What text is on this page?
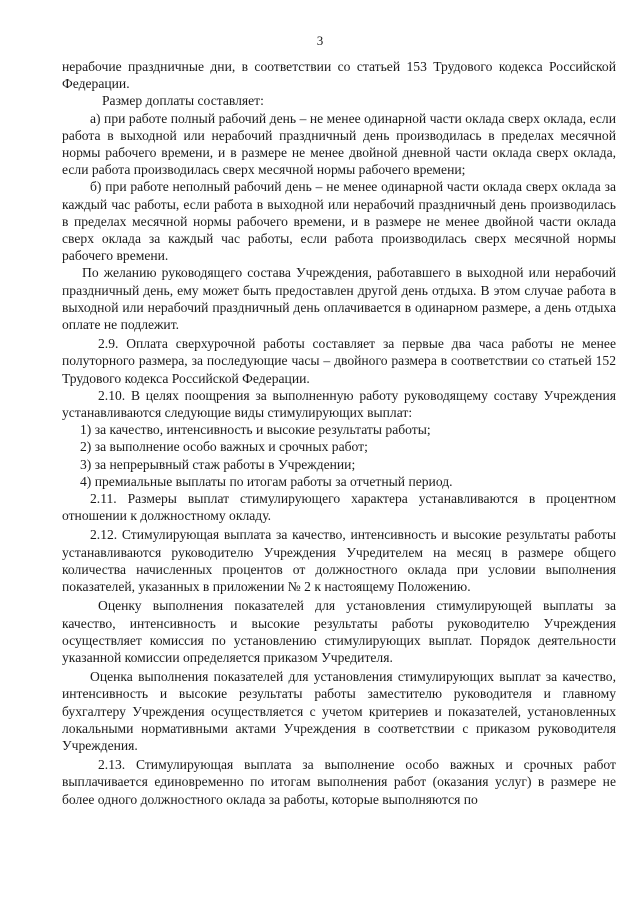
3

нерабочие праздничные дни, в соответствии со статьей 153 Трудового кодекса Российской Федерации.

Размер доплаты составляет:

а) при работе полный рабочий день – не менее одинарной части оклада сверх оклада, если работа в выходной или нерабочий праздничный день производилась в пределах месячной нормы рабочего времени, и в размере не менее двойной дневной части оклада сверх оклада, если работа производилась сверх месячной нормы рабочего времени;

б) при работе неполный рабочий день – не менее одинарной части оклада сверх оклада за каждый час работы, если работа в выходной или нерабочий праздничный день производилась в пределах месячной нормы рабочего времени, и в размере не менее двойной части оклада сверх оклада за каждый час работы, если работа производилась сверх месячной нормы рабочего времени.

По желанию руководящего состава Учреждения, работавшего в выходной или нерабочий праздничный день, ему может быть предоставлен другой день отдыха. В этом случае работа в выходной или нерабочий праздничный день оплачивается в одинарном размере, а день отдыха оплате не подлежит.

2.9. Оплата сверхурочной работы составляет за первые два часа работы не менее полуторного размера, за последующие часы – двойного размера в соответствии со статьей 152 Трудового кодекса Российской Федерации.

2.10. В целях поощрения за выполненную работу руководящему составу Учреждения устанавливаются следующие виды стимулирующих выплат:

1) за качество, интенсивность и высокие результаты работы;

2) за выполнение особо важных и срочных работ;

3) за непрерывный стаж работы в Учреждении;

4) премиальные выплаты по итогам работы за отчетный период.

2.11. Размеры выплат стимулирующего характера устанавливаются в процентном отношении к должностному окладу.

2.12. Стимулирующая выплата за качество, интенсивность и высокие результаты работы устанавливаются руководителю Учреждения Учредителем на месяц в размере общего количества начисленных процентов от должностного оклада при условии выполнения показателей, указанных в приложении № 2 к настоящему Положению.

Оценку выполнения показателей для установления стимулирующей выплаты за качество, интенсивность и высокие результаты работы руководителю Учреждения осуществляет комиссия по установлению стимулирующих выплат. Порядок деятельности указанной комиссии определяется приказом Учредителя.

Оценка выполнения показателей для установления стимулирующих выплат за качество, интенсивность и высокие результаты работы заместителю руководителя и главному бухгалтеру Учреждения осуществляется с учетом критериев и показателей, установленных локальными нормативными актами Учреждения в соответствии с приказом руководителя Учреждения.

2.13. Стимулирующая выплата за выполнение особо важных и срочных работ выплачивается единовременно по итогам выполнения работ (оказания услуг) в размере не более одного должностного оклада за работы, которые выполняются по
